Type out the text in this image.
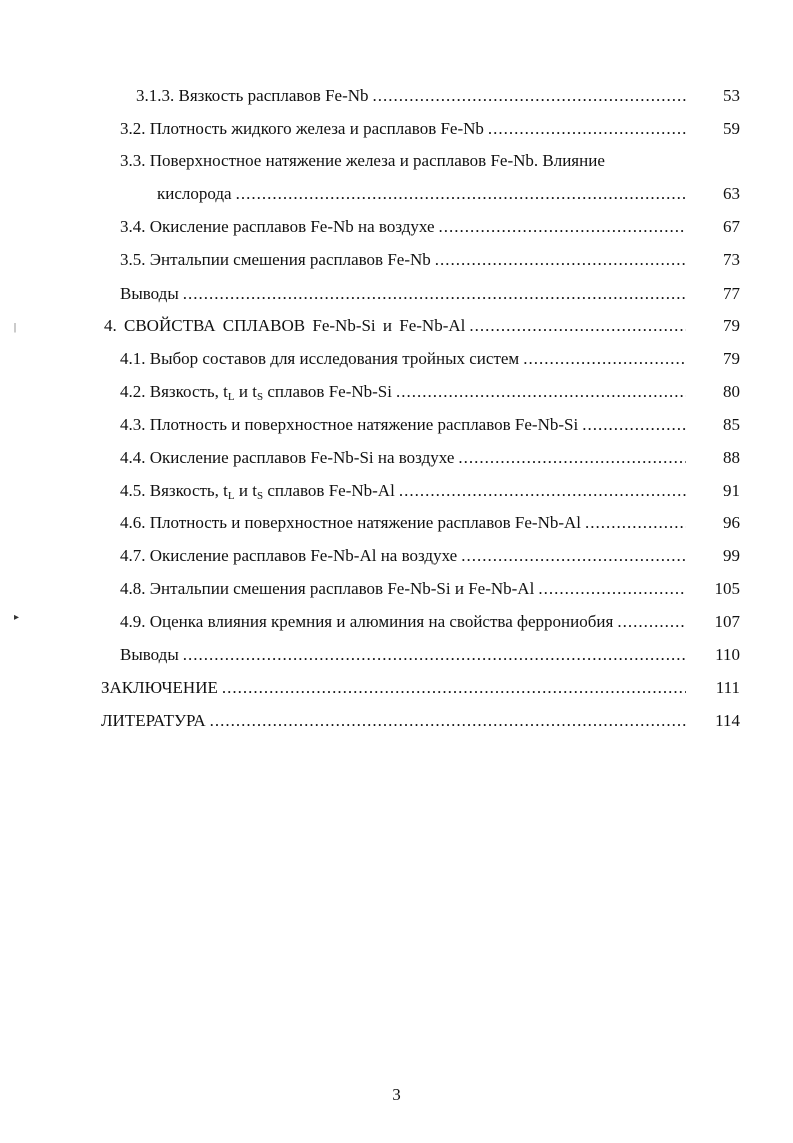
3.1.3. Вязкость расплавов Fe-Nb .....	53
3.2. Плотность жидкого железа и расплавов Fe-Nb .....	59
3.3. Поверхностное натяжение железа и расплавов Fe-Nb. Влияние
кислорода .....	63
3.4. Окисление расплавов Fe-Nb на воздухе .....	67
3.5. Энтальпии смешения расплавов Fe-Nb .....	73
Выводы .....	77
4. СВОЙСТВА СПЛАВОВ Fe-Nb-Si и Fe-Nb-Al .....	79
4.1. Выбор составов для исследования тройных систем .....	79
4.2. Вязкость, $t_L$ и $t_S$ сплавов Fe-Nb-Si .....	80
4.3. Плотность и поверхностное натяжение расплавов Fe-Nb-Si .....	85
4.4. Окисление расплавов Fe-Nb-Si на воздухе .....	88
4.5. Вязкость, $t_L$ и $t_S$ сплавов Fe-Nb-Al .....	91
4.6. Плотность и поверхностное натяжение расплавов Fe-Nb-Al .....	96
4.7. Окисление расплавов Fe-Nb-Al на воздухе .....	99
4.8. Энтальпии смешения расплавов Fe-Nb-Si и Fe-Nb-Al .....	105
4.9. Оценка влияния кремния и алюминия на свойства феррониобия .....	107
Выводы .....	110
ЗАКЛЮЧЕНИЕ .....	111
ЛИТЕРАТУРА .....	114
|
▸
3
